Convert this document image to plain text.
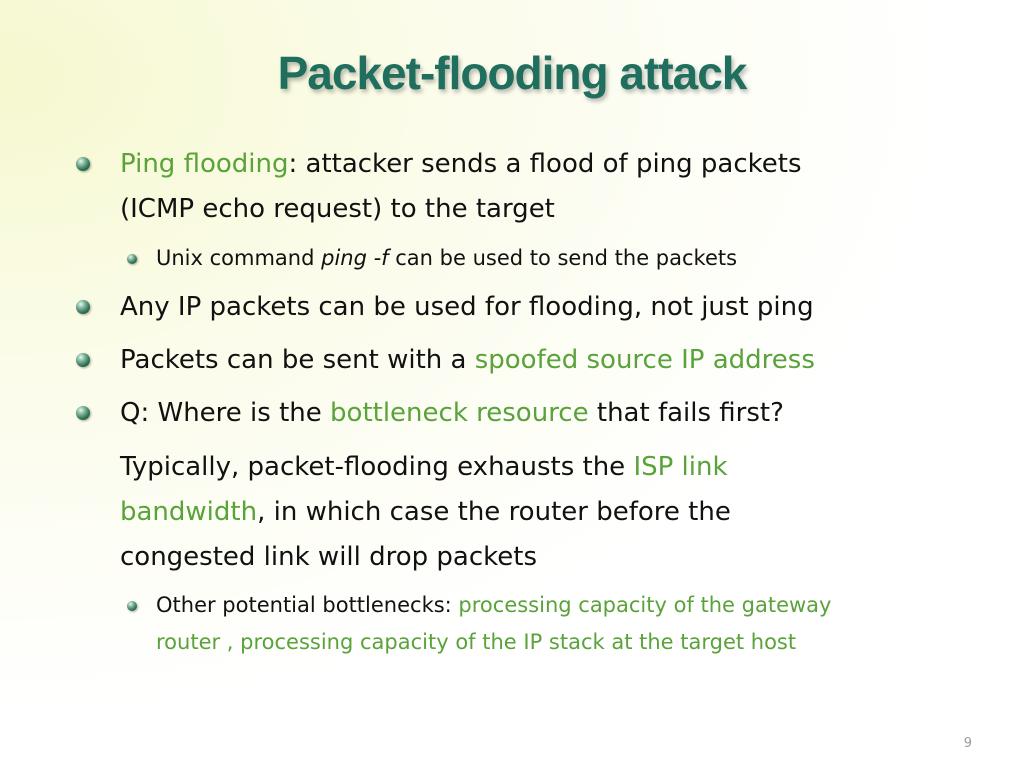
Packet-flooding attack
Ping flooding: attacker sends a flood of ping packets
(ICMP echo request) to the target
Unix command ping -f can be used to send the packets
Any IP packets can be used for flooding, not just ping
Packets can be sent with a spoofed source IP address
Q: Where is the bottleneck resource that fails first?
Typically, packet-flooding exhausts the ISP link
bandwidth, in which case the router before the
congested link will drop packets
Other potential bottlenecks: processing capacity of the gateway
router , processing capacity of the IP stack at the target host
9
